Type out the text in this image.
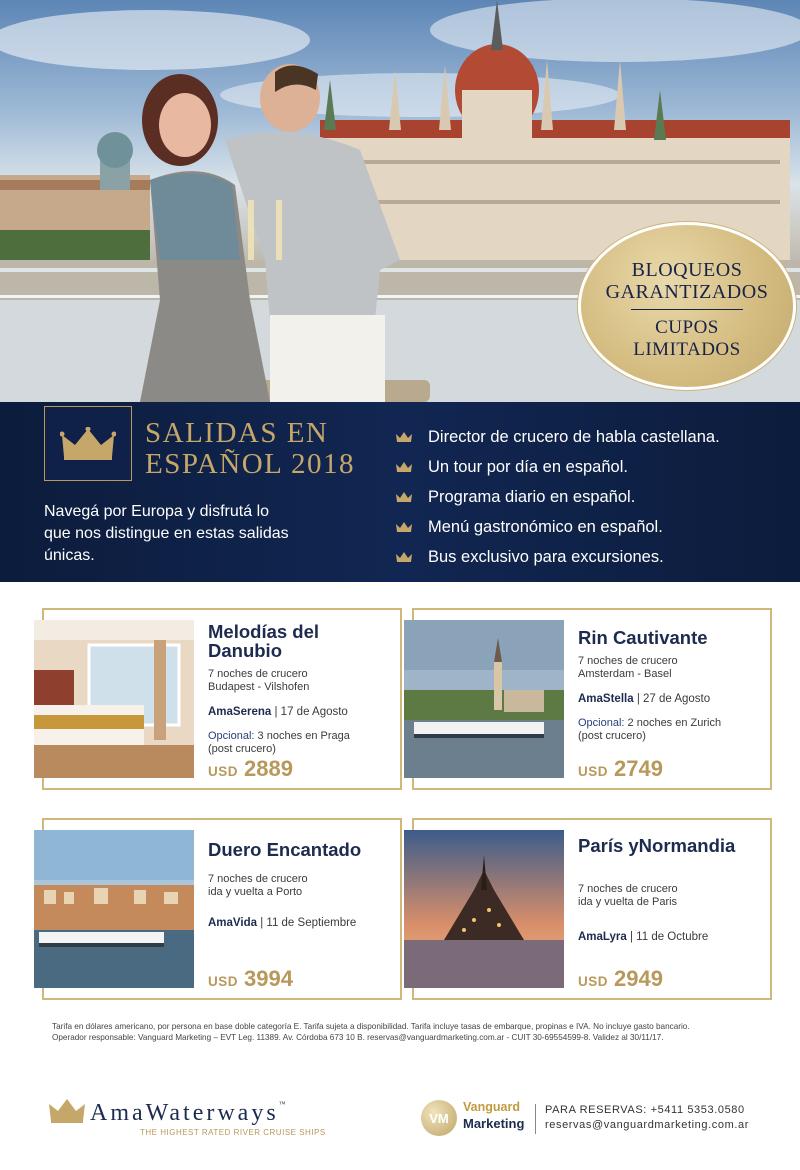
BLOQUEOS
GARANTIZADOS
CUPOS
LIMITADOS
SALIDAS EN
ESPAÑOL 2018

Navegá por Europa y disfrutá lo que nos distingue en estas salidas únicas.

Director de crucero de habla castellana.
Un tour por día en español.
Programa diario en español.
Menú gastronómico en español.
Bus exclusivo para excursiones.
Melodías del Danubio
7 noches de crucero
Budapest - Vilshofen
AmaSerena | 17 de Agosto
Opcional: 3 noches en Praga
(post crucero)
USD 2889
Rin Cautivante
7 noches de crucero
Amsterdam - Basel
AmaStella | 27 de Agosto
Opcional: 2 noches en Zurich
(post crucero)
USD 2749
Duero Encantado
7 noches de crucero
ida y vuelta a Porto
AmaVida | 11 de Septiembre
USD 3994
París yNormandia
7 noches de crucero
ida y vuelta de Paris
AmaLyra | 11 de Octubre
USD 2949
Tarifa en dólares americano, por persona en base doble categoría E. Tarifa sujeta a disponibilidad. Tarifa incluye tasas de embarque, propinas e IVA. No incluye gasto bancario.
Operador responsable: Vanguard Marketing – EVT Leg. 11389. Av. Córdoba 673 10 B. reservas@vanguardmarketing.com.ar - CUIT 30-69554599-8. Validez al 30/11/17.
AmaWaterways™
THE HIGHEST RATED RIVER CRUISE SHIPS
VM
Vanguard
Marketing
PARA RESERVAS: +5411 5353.0580
reservas@vanguardmarketing.com.ar
